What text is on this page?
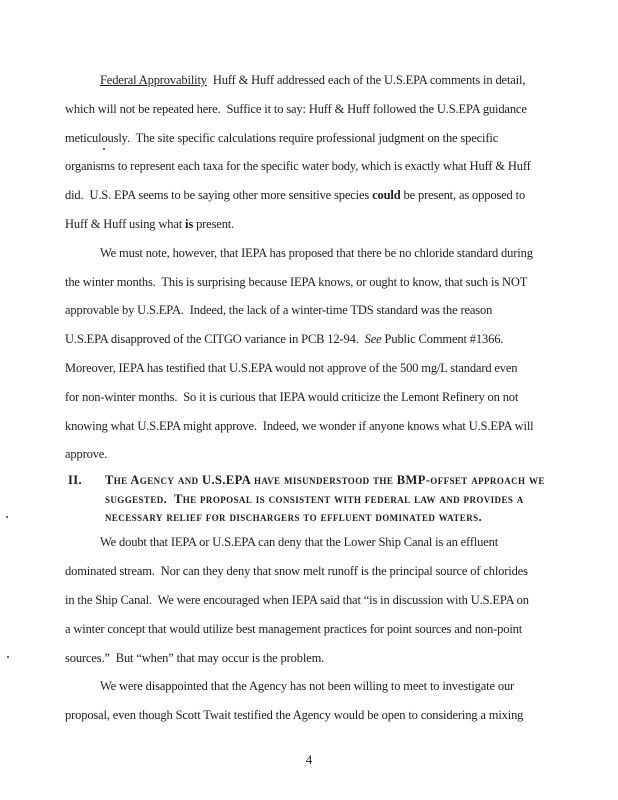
Federal Approvability  Huff & Huff addressed each of the U.S.EPA comments in detail,
which will not be repeated here.  Suffice it to say: Huff & Huff followed the U.S.EPA guidance
meticulously.  The site specific calculations require professional judgment on the specific
organisms to represent each taxa for the specific water body, which is exactly what Huff & Huff
did.  U.S. EPA seems to be saying other more sensitive species could be present, as opposed to
Huff & Huff using what is present.
We must note, however, that IEPA has proposed that there be no chloride standard during
the winter months.  This is surprising because IEPA knows, or ought to know, that such is NOT
approvable by U.S.EPA.  Indeed, the lack of a winter-time TDS standard was the reason
U.S.EPA disapproved of the CITGO variance in PCB 12-94.  See Public Comment #1366.
Moreover, IEPA has testified that U.S.EPA would not approve of the 500 mg/L standard even
for non-winter months.  So it is curious that IEPA would criticize the Lemont Refinery on not
knowing what U.S.EPA might approve.  Indeed, we wonder if anyone knows what U.S.EPA will
approve.
II.	The Agency and U.S.EPA have misunderstood the BMP-offset approach we
suggested.  The proposal is consistent with federal law and provides a
necessary relief for dischargers to effluent dominated waters.
We doubt that IEPA or U.S.EPA can deny that the Lower Ship Canal is an effluent
dominated stream.  Nor can they deny that snow melt runoff is the principal source of chlorides
in the Ship Canal.  We were encouraged when IEPA said that “is in discussion with U.S.EPA on
a winter concept that would utilize best management practices for point sources and non-point
sources.”  But “when” that may occur is the problem.
We were disappointed that the Agency has not been willing to meet to investigate our
proposal, even though Scott Twait testified the Agency would be open to considering a mixing
4
